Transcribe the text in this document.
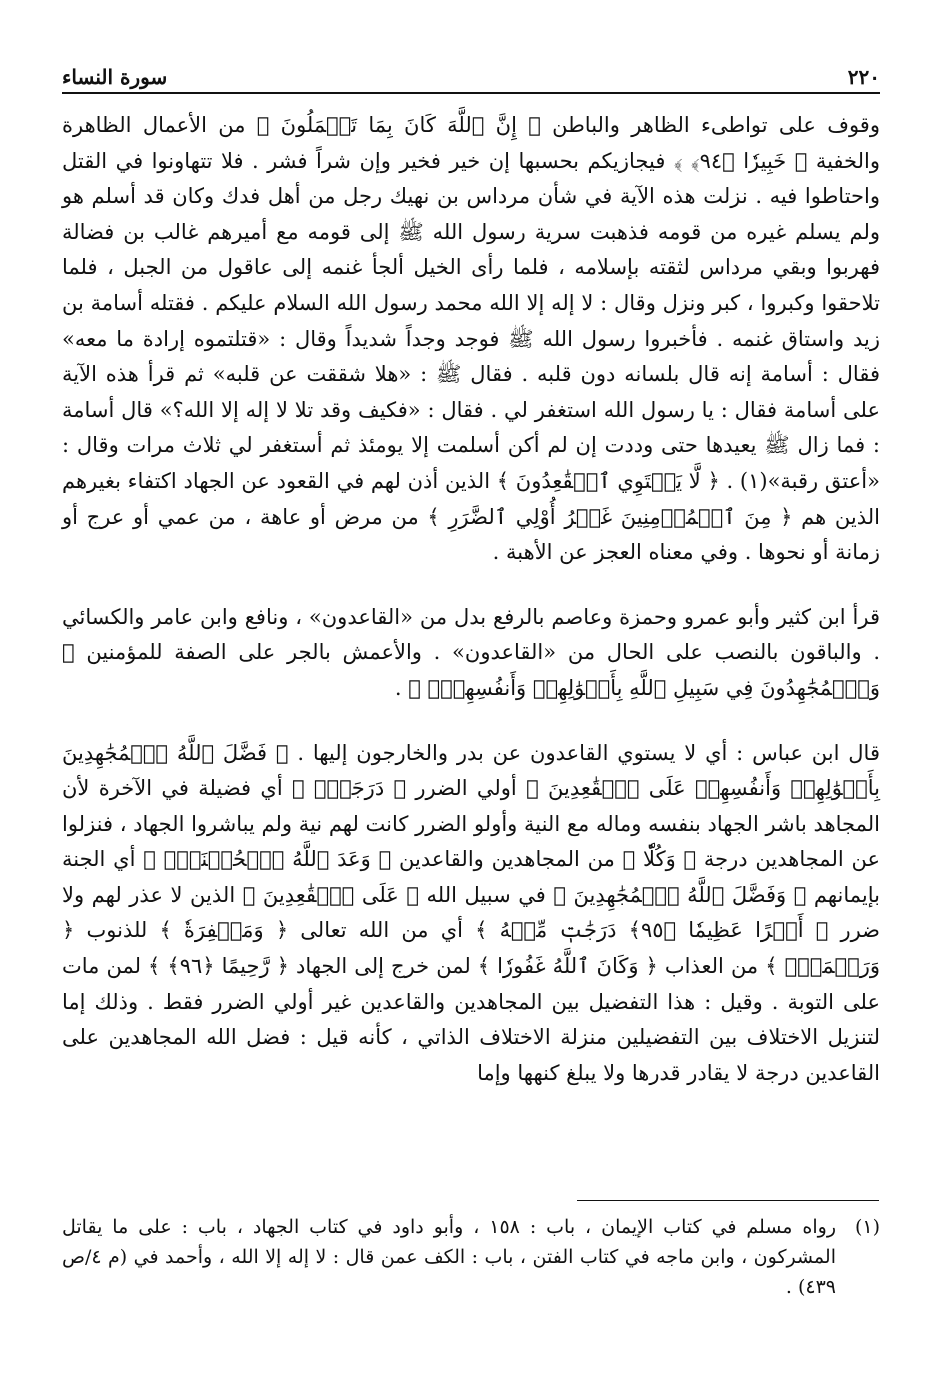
٢٢٠
سورة النساء

وقوف على تواطىء الظاهر والباطن ﴿ إِنَّ ٱللَّهَ كَانَ بِمَا تَعۡمَلُونَ ﴾ من الأعمال الظاهرة والخفية ﴿ خَبِيرٗا ﴿٩٤﴾ ﴾ فيجازيكم بحسبها إن خير فخير وإن شراً فشر . فلا تتهاونوا في القتل واحتاطوا فيه . نزلت هذه الآية في شأن مرداس بن نهيك رجل من أهل فدك وكان قد أسلم هو ولم يسلم غيره من قومه فذهبت سرية رسول الله ﷺ إلى قومه مع أميرهم غالب بن فضالة فهربوا وبقي مرداس لثقته بإسلامه ، فلما رأى الخيل ألجأ غنمه إلى عاقول من الجبل ، فلما تلاحقوا وكبروا ، كبر ونزل وقال : لا إله إلا الله محمد رسول الله السلام عليكم . فقتله أسامة بن زيد واستاق غنمه . فأخبروا رسول الله ﷺ فوجد وجداً شديداً وقال : «قتلتموه إرادة ما معه» فقال : أسامة إنه قال بلسانه دون قلبه . فقال ﷺ : «هلا شققت عن قلبه» ثم قرأ هذه الآية على أسامة فقال : يا رسول الله استغفر لي . فقال : «فكيف وقد تلا لا إله إلا الله؟» قال أسامة : فما زال ﷺ يعيدها حتى وددت إن لم أكن أسلمت إلا يومئذ ثم أستغفر لي ثلاث مرات وقال : «أعتق رقبة»(١) . ﴿ لَّا يَسۡتَوِي ٱلۡقَٰعِدُونَ ﴾ الذين أذن لهم في القعود عن الجهاد اكتفاء بغيرهم الذين هم ﴿ مِنَ ٱلۡمُؤۡمِنِينَ غَيۡرُ أُوْلِي ٱلضَّرَرِ ﴾ من مرض أو عاهة ، من عمي أو عرج أو زمانة أو نحوها . وفي معناه العجز عن الأهبة .

قرأ ابن كثير وأبو عمرو وحمزة وعاصم بالرفع بدل من «القاعدون» ، ونافع وابن عامر والكسائي . والباقون بالنصب على الحال من «القاعدون» . والأعمش بالجر على الصفة للمؤمنين ﴿ وَٱلۡمُجَٰهِدُونَ فِي سَبِيلِ ٱللَّهِ بِأَمۡوَٰلِهِمۡ وَأَنفُسِهِمۡۚ ﴾ .

قال ابن عباس : أي لا يستوي القاعدون عن بدر والخارجون إليها . ﴿ فَضَّلَ ٱللَّهُ ٱلۡمُجَٰهِدِينَ بِأَمۡوَٰلِهِمۡ وَأَنفُسِهِمۡ عَلَى ٱلۡقَٰعِدِينَ ﴾ أولي الضرر ﴿ دَرَجَةٗۚ ﴾ أي فضيلة في الآخرة لأن المجاهد باشر الجهاد بنفسه وماله مع النية وأولو الضرر كانت لهم نية ولم يباشروا الجهاد ، فنزلوا عن المجاهدين درجة ﴿ وَكُلّٗا ﴾ من المجاهدين والقاعدين ﴿ وَعَدَ ٱللَّهُ ٱلۡحُسۡنَىٰۚ ﴾ أي الجنة بإيمانهم ﴿ وَفَضَّلَ ٱللَّهُ ٱلۡمُجَٰهِدِينَ ﴾ في سبيل الله ﴿ عَلَى ٱلۡقَٰعِدِينَ ﴾ الذين لا عذر لهم ولا ضرر ﴿ أَجۡرًا عَظِيمٗا ﴿٩٥﴾ دَرَجَٰتٖ مِّنۡهُ ﴾ أي من الله تعالى ﴿ وَمَغۡفِرَةٗ ﴾ للذنوب ﴿ وَرَحۡمَةٗۚ ﴾ من العذاب ﴿ وَكَانَ ٱللَّهُ غَفُورٗا ﴾ لمن خرج إلى الجهاد ﴿ رَّحِيمًا ﴿٩٦﴾ ﴾ لمن مات على التوبة . وقيل : هذا التفضيل بين المجاهدين والقاعدين غير أولي الضرر فقط . وذلك إما لتنزيل الاختلاف بين التفضيلين منزلة الاختلاف الذاتي ، كأنه قيل : فضل الله المجاهدين على القاعدين درجة لا يقادر قدرها ولا يبلغ كنهها وإما

(١)
رواه مسلم في كتاب الإيمان ، باب : ١٥٨ ، وأبو داود في كتاب الجهاد ، باب : على ما يقاتل المشركون ، وابن ماجه في كتاب الفتن ، باب : الكف عمن قال : لا إله إلا الله ، وأحمد في (م ٤/ص ٤٣٩) .
